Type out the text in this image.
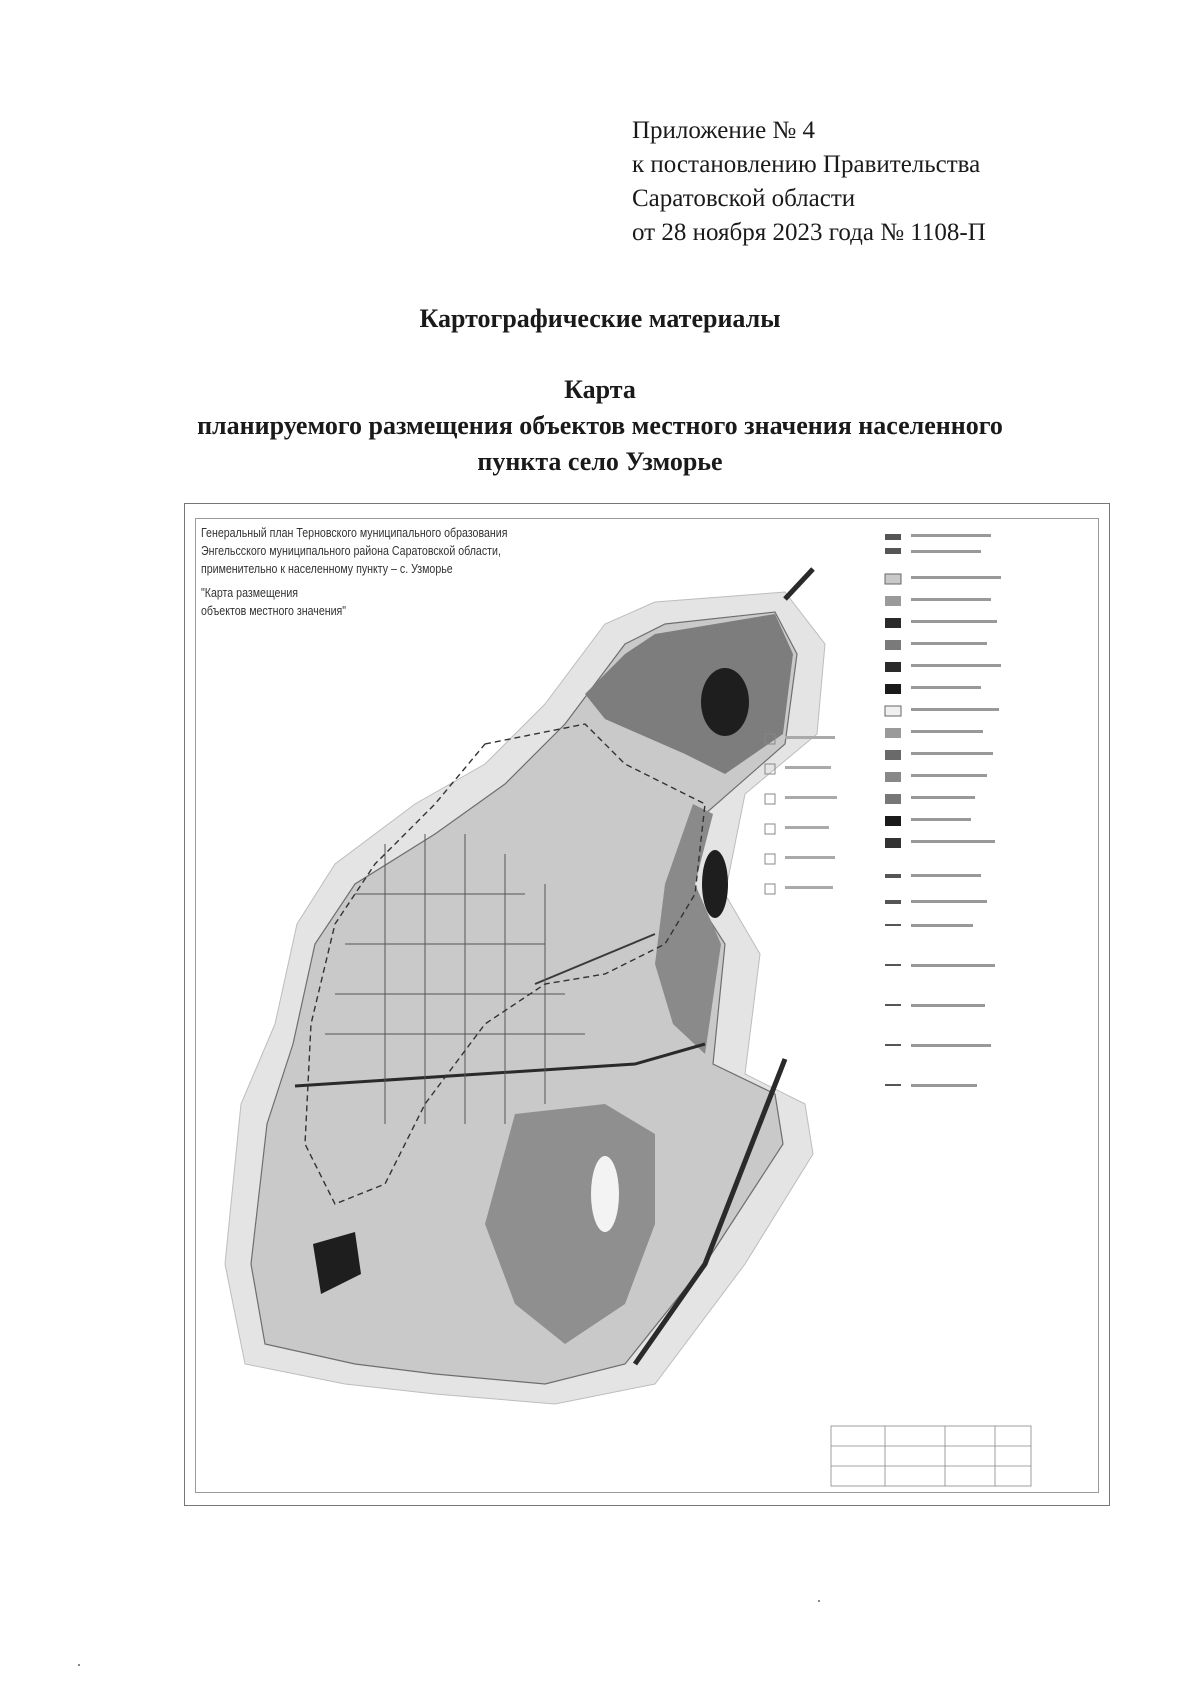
Приложение № 4
к постановлению Правительства
Саратовской области
от 28 ноября 2023 года № 1108-П
Картографические материалы
Карта
планируемого размещения объектов местного значения населенного
пункта село Узморье
Генеральный план Терновского муниципального образования
Энгельсского муниципального района Саратовской области,
применительно к населенному пункту – с. Узморье
"Карта размещения
объектов местного значения"
